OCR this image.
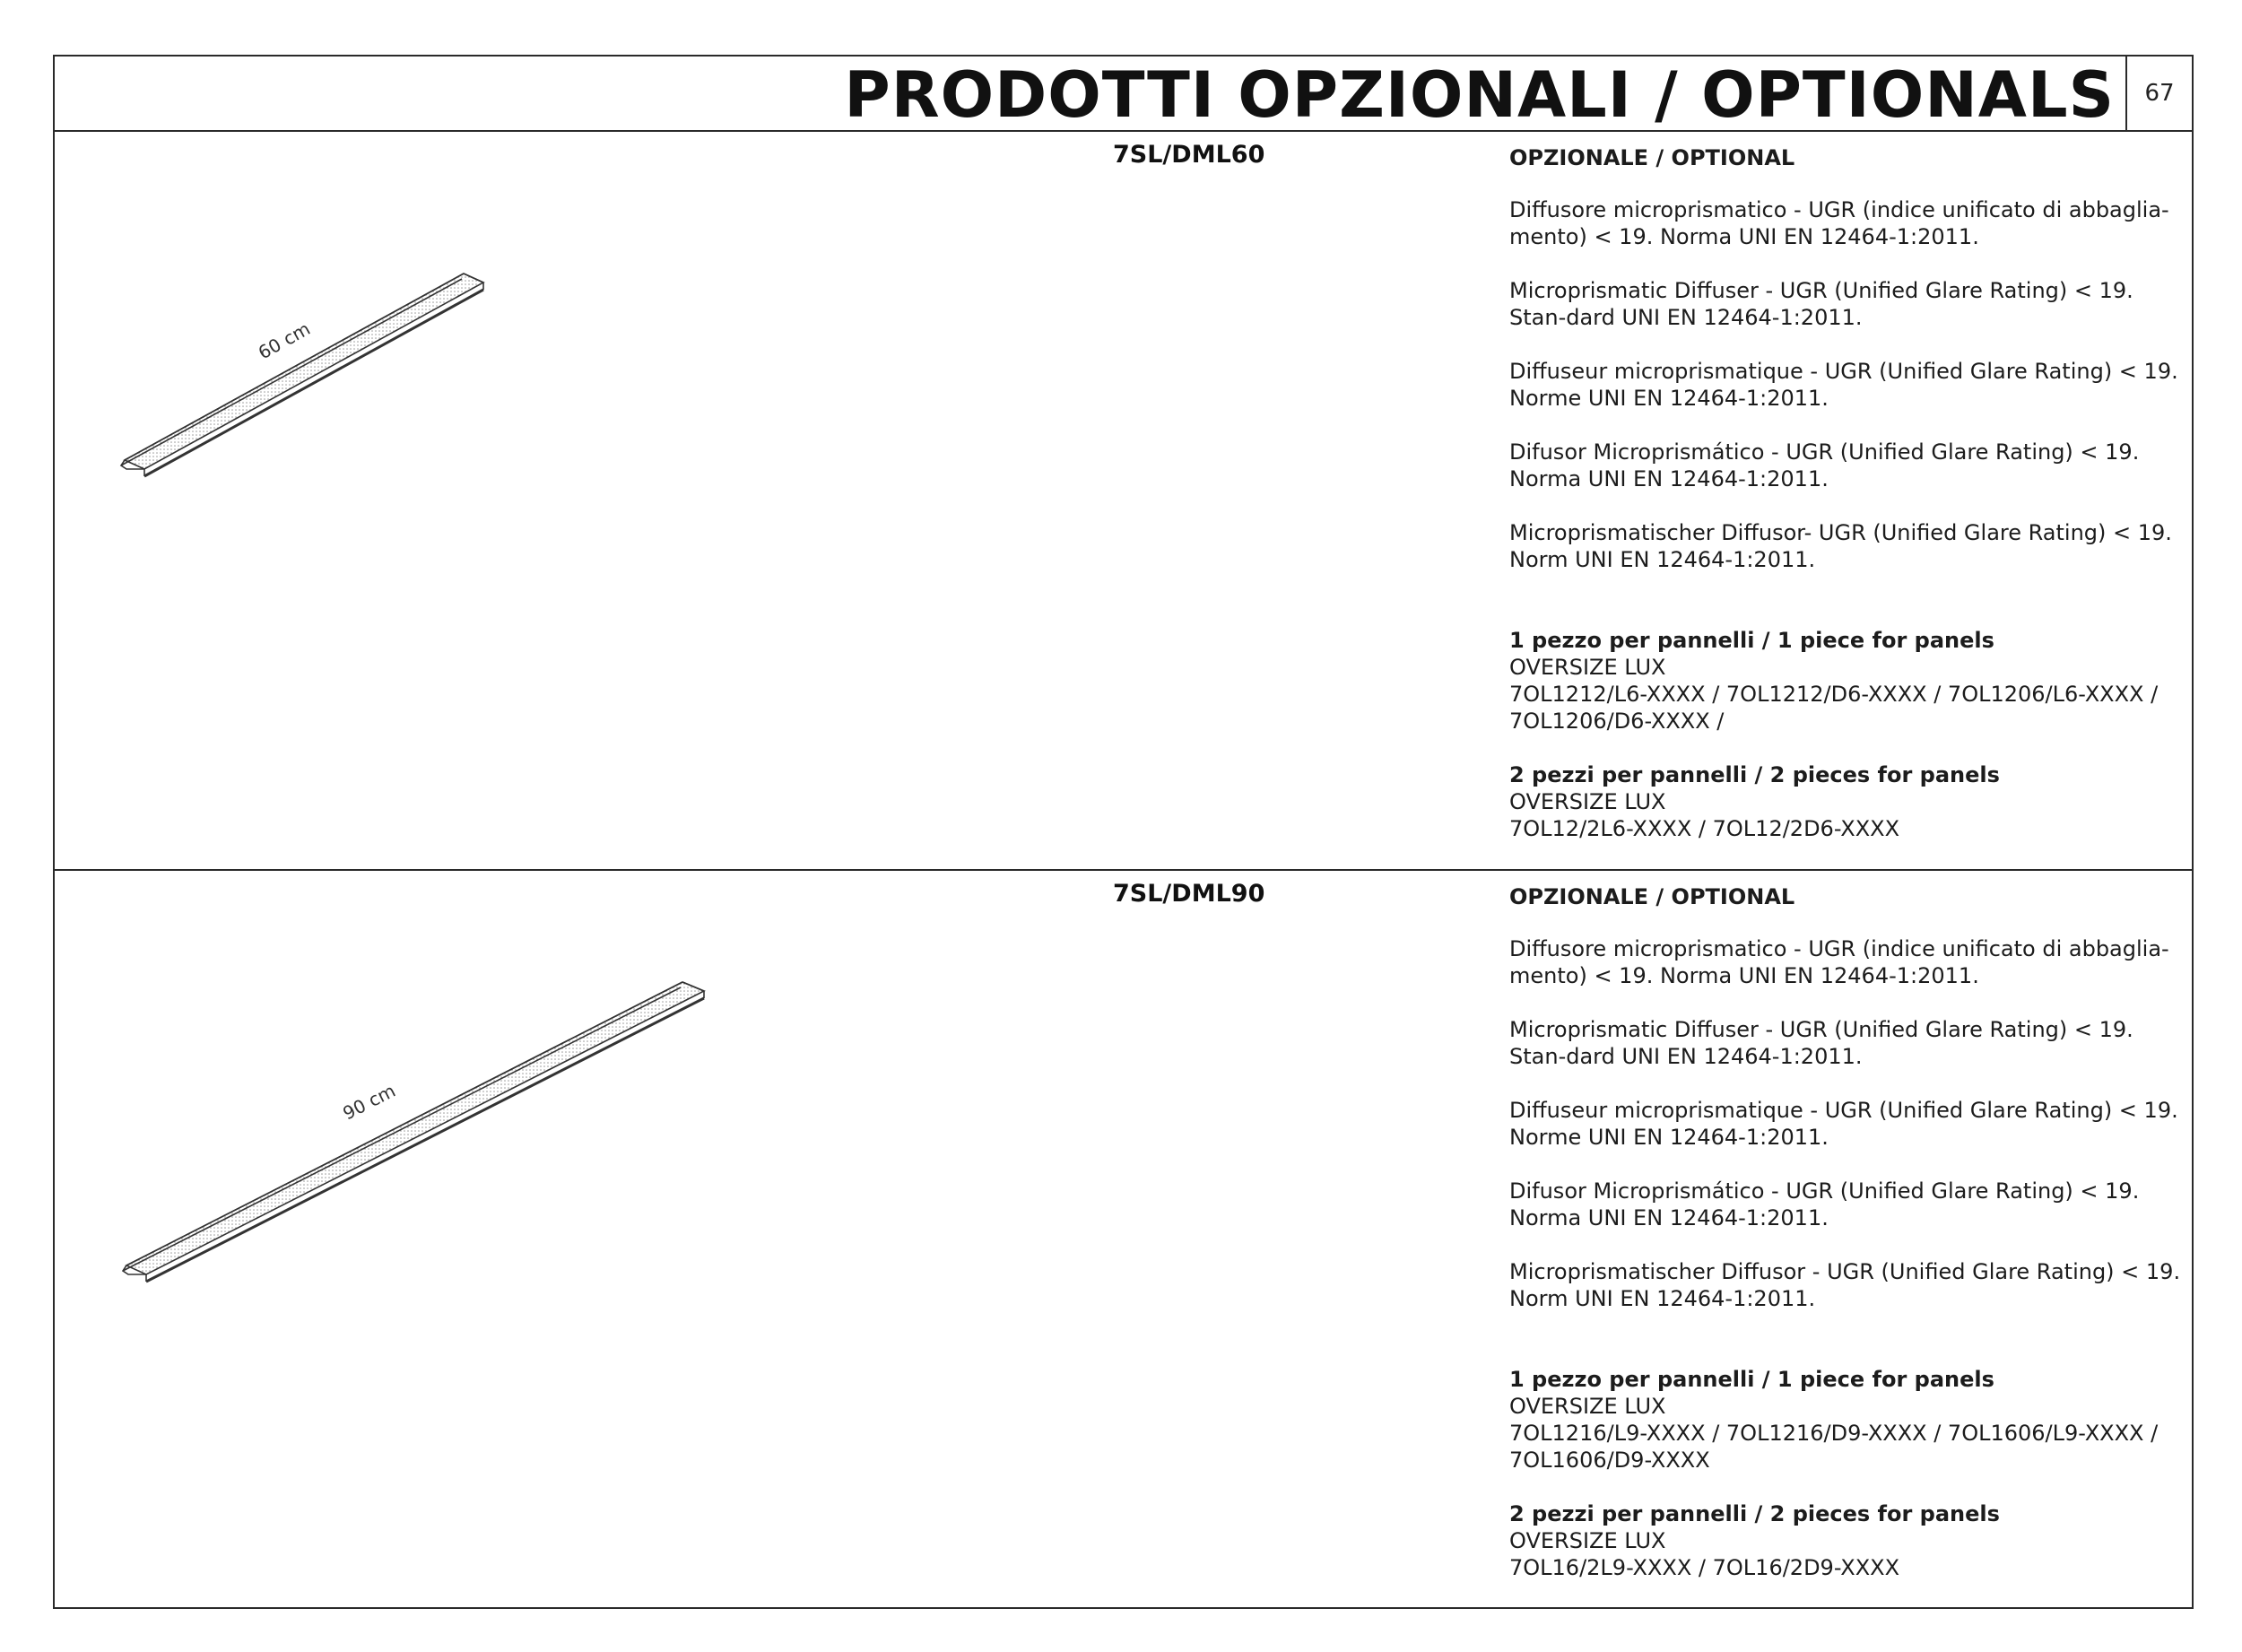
PRODOTTI OPZIONALI / OPTIONALS	67
60 cm
7SL/DML60	OPZIONALE / OPTIONAL

Diffusore microprismatico - UGR (indice unificato di abbaglia-mento) < 19. Norma UNI EN 12464-1:2011.

Microprismatic Diffuser - UGR (Unified Glare Rating) < 19. Stan-dard UNI EN 12464-1:2011.

Diffuseur microprismatique - UGR (Unified Glare Rating) < 19. Norme UNI EN 12464-1:2011.

Difusor Microprismático - UGR (Unified Glare Rating) < 19. Norma UNI EN 12464-1:2011.

Microprismatischer Diffusor- UGR (Unified Glare Rating) < 19. Norm UNI EN 12464-1:2011.

1 pezzo per pannelli / 1 piece for panels

OVERSIZE LUX

7OL1212/L6-XXXX / 7OL1212/D6-XXXX / 7OL1206/L6-XXXX / 7OL1206/D6-XXXX /

2 pezzi per pannelli / 2 pieces for panels

OVERSIZE LUX

7OL12/2L6-XXXX / 7OL12/2D6-XXXX

90 cm
7SL/DML90	OPZIONALE / OPTIONAL

Diffusore microprismatico - UGR (indice unificato di abbaglia-mento) < 19. Norma UNI EN 12464-1:2011.

Microprismatic Diffuser - UGR (Unified Glare Rating) < 19. Stan-dard UNI EN 12464-1:2011.

Diffuseur microprismatique - UGR (Unified Glare Rating) < 19. Norme UNI EN 12464-1:2011.

Difusor Microprismático - UGR (Unified Glare Rating) < 19. Norma UNI EN 12464-1:2011.

Microprismatischer Diffusor - UGR (Unified Glare Rating) < 19. Norm UNI EN 12464-1:2011.

1 pezzo per pannelli / 1 piece for panels

OVERSIZE LUX

7OL1216/L9-XXXX / 7OL1216/D9-XXXX / 7OL1606/L9-XXXX / 7OL1606/D9-XXXX

2 pezzi per pannelli / 2 pieces for panels

OVERSIZE LUX

7OL16/2L9-XXXX / 7OL16/2D9-XXXX
